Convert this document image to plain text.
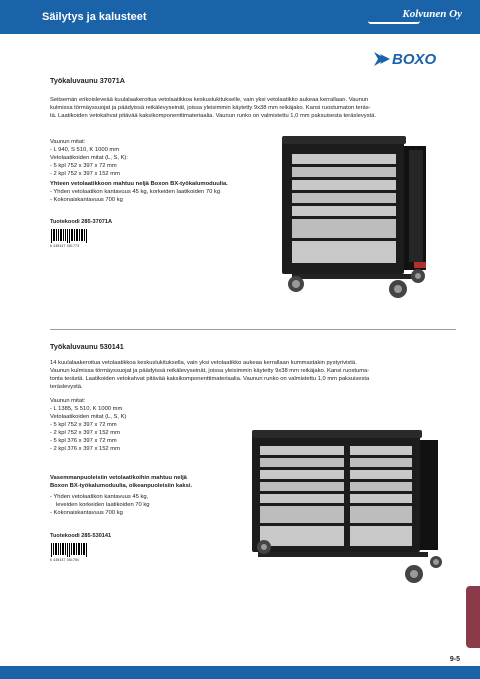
Säilytys ja kalusteet	Kolvunen Oy
BOXO
Työkaluvaunu 37071A
Seitsemän erikoisleveää kuulalaakeroitua vetolaatikkoa keskuslukitukselle, vain yksi vetolaatikko aukeaa kerrallaan. Vaunun
kulmissa törmäyssuojat ja päädyissä reikälevyseinät, joissa yleisimmin käytetty 9x38 mm reikäjako. Kansi ruostumaton terás-
tä. Laatikoiden vetokahvat pitävää kaksikomponenttimateriaalia. Vaunun runko on valmistettu 1,0 mm paksuisesta teräslevystä.
Vaunun mitat:
- L 940, S 510, K 1000 mm
Vetolaatikoiden mitat (L, S, K):
- 5 kpl 752 x 397 x 72 mm
- 2 kpl 752 x 397 x 152 mm
Yhteen vetolaatikkoon mahtuu neljä Boxon BX-työkalumoduulia.
- Yhden vetolaatikon kantavuus 45 kg, korkeiden laatikoiden 70 kg
- Kokonaiskantavuus 700 kg
Tuotekoodi 285-37071A
6 438437 081773
Työkaluvaunu 530141
14 kuulalaakeroitua vetolaatikkoa keskuslukituksella, vain yksi vetolaatikko aukeaa kerrallaan kummastakin pystyrivistä.
Vaunun kulmissa törmäyssuojat ja päädyissä reikälevyseinät, joissa yleisimmin käytetty 9x38 mm reikäjako. Kansi ruostuma-
tonta terästä. Laatikoiden vetokahvat pitävää kaksikomponenttimateriaalia. Vaunun runko on valmistettu 1,0 mm paksuisesta
teräslevystä.
Vaunun mitat:
- L 1385, S 510, K 1000 mm
Vetolaatikoiden mitat (L, S, K)
- 5 kpl 752 x 397 x 72 mm
- 2 kpl 752 x 397 x 152 mm
- 5 kpl 376 x 397 x 72 mm
- 2 kpl 376 x 397 x 152 mm
Vasemmanpuoleisiin vetolaatikoihin mahtuu neljä
Boxon BX-työkalumoduulia, oikeanpuoleisiin kaksi.
- Yhden vetolaatikon kantavuus 45 kg,
leveiden korkeiden laatikoiden 70 kg
- Kokonaiskantavuus 700 kg
Tuotekoodi 285-530141
6 438437 081780
9-5
